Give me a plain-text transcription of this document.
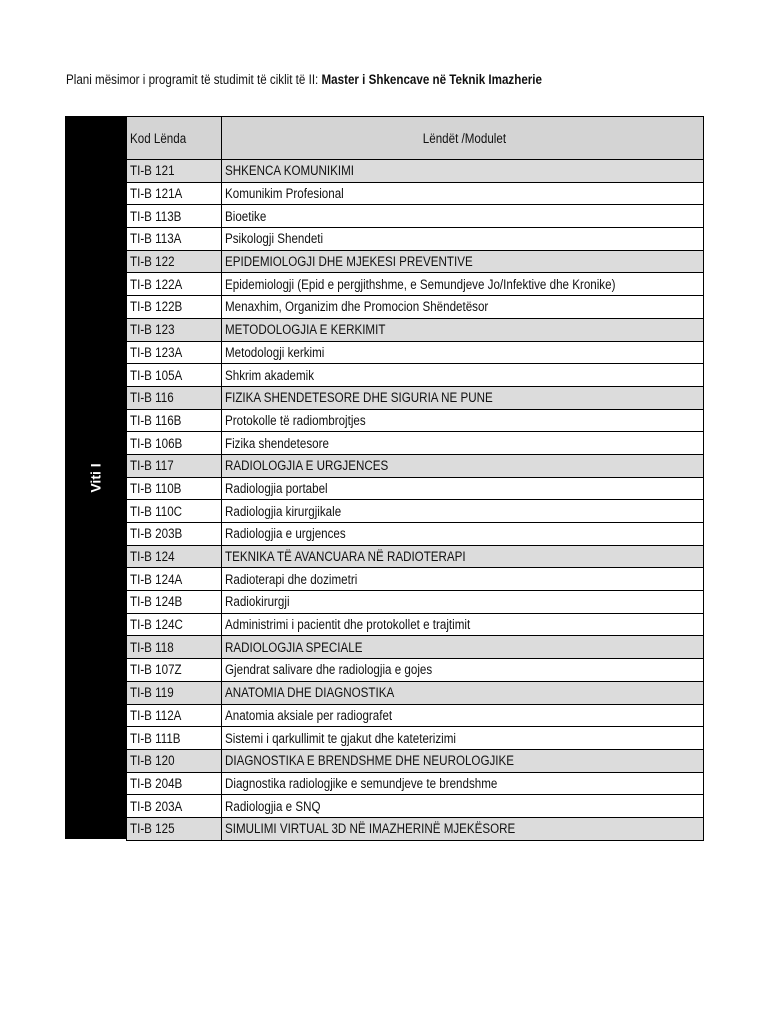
Plani mësimor i programit të studimit të ciklit të II: Master i Shkencave në Teknik Imazherie
Viti I
Kod Lënda	Lëndët /Modulet
TI-B 121	SHKENCA KOMUNIKIMI
TI-B 121A	Komunikim Profesional
TI-B 113B	Bioetike
TI-B 113A	Psikologji Shendeti
TI-B 122	EPIDEMIOLOGJI DHE MJEKESI PREVENTIVE
TI-B 122A	Epidemiologji (Epid e pergjithshme, e Semundjeve Jo/Infektive dhe Kronike)
TI-B 122B	Menaxhim, Organizim dhe Promocion Shëndetësor
TI-B 123	METODOLOGJIA E KERKIMIT
TI-B 123A	Metodologji kerkimi
TI-B 105A	Shkrim akademik
TI-B 116	FIZIKA SHENDETESORE DHE SIGURIA NE PUNE
TI-B 116B	Protokolle të radiombrojtjes
TI-B 106B	Fizika shendetesore
TI-B 117	RADIOLOGJIA E URGJENCES
TI-B 110B	Radiologjia portabel
TI-B 110C	Radiologjia kirurgjikale
TI-B 203B	Radiologjia e urgjences
TI-B 124	TEKNIKA TË AVANCUARA NË RADIOTERAPI
TI-B 124A	Radioterapi dhe dozimetri
TI-B 124B	Radiokirurgji
TI-B 124C	Administrimi i pacientit dhe protokollet e trajtimit
TI-B 118	RADIOLOGJIA SPECIALE
TI-B 107Z	Gjendrat salivare dhe radiologjia e gojes
TI-B 119	ANATOMIA DHE DIAGNOSTIKA
TI-B 112A	Anatomia aksiale per radiografet
TI-B 111B	Sistemi i qarkullimit te gjakut dhe kateterizimi
TI-B 120	DIAGNOSTIKA E BRENDSHME DHE NEUROLOGJIKE
TI-B 204B	Diagnostika radiologjike e semundjeve te brendshme
TI-B 203A	Radiologjia e SNQ
TI-B 125	SIMULIMI VIRTUAL 3D NË IMAZHERINË MJEKËSORE
